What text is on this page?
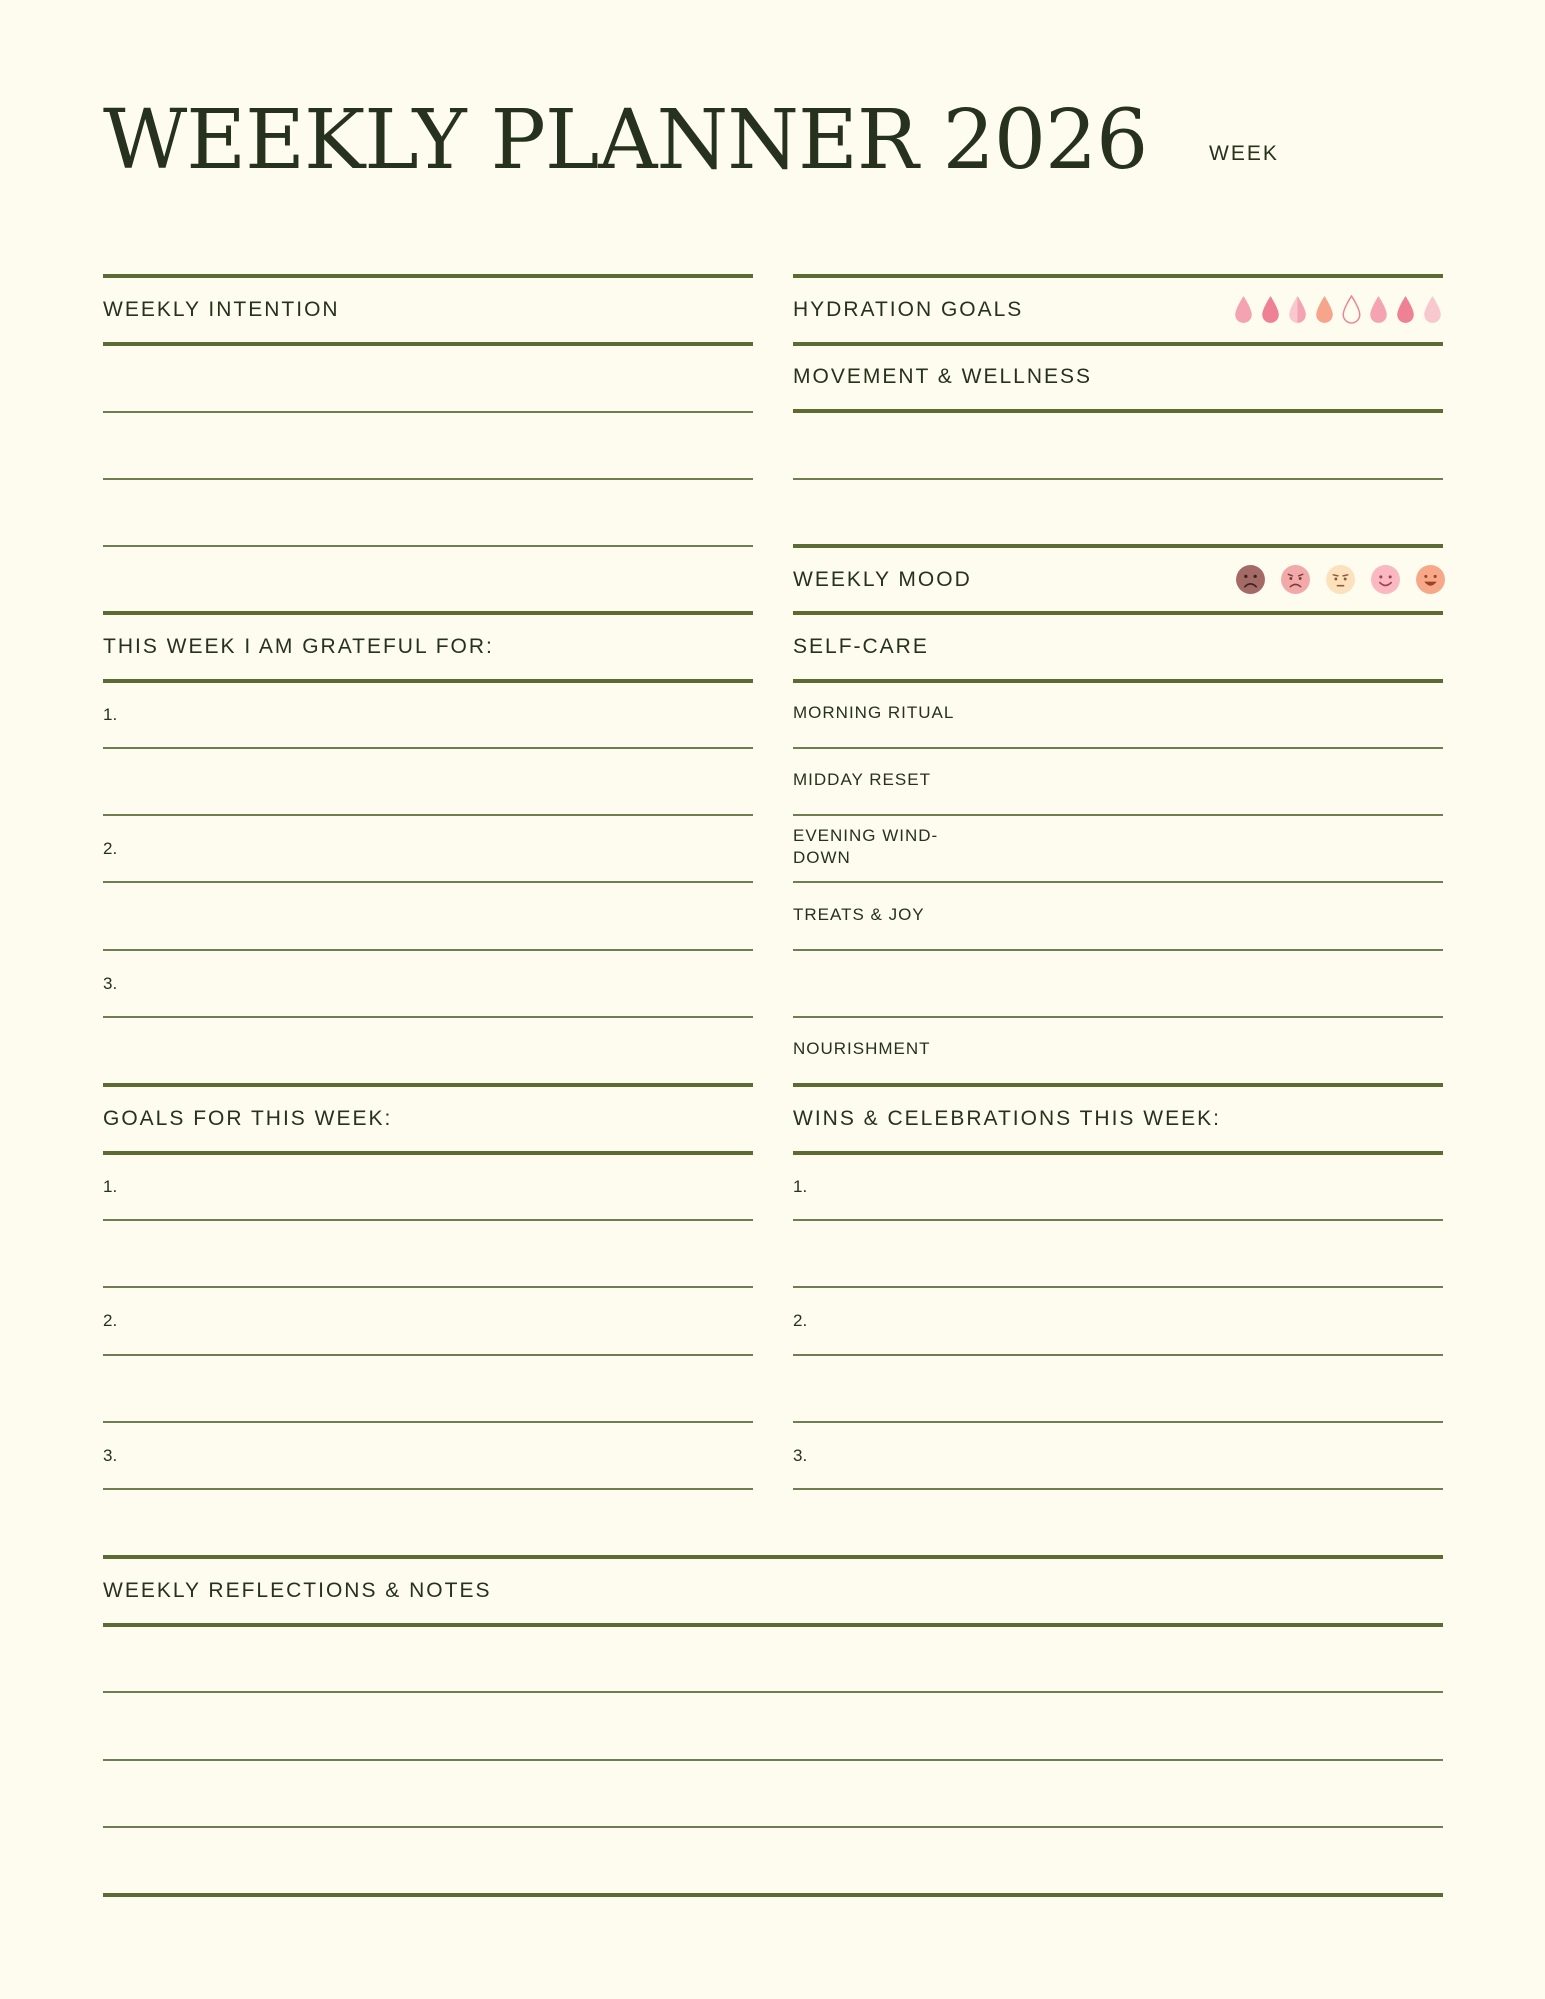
WEEKLY PLANNER 2026	WEEK
WEEKLY INTENTION
THIS WEEK I AM GRATEFUL FOR:
1.
2.
3.
GOALS FOR THIS WEEK:
1.
2.
3.
HYDRATION GOALS
MOVEMENT & WELLNESS
WEEKLY MOOD
SELF-CARE
MORNING RITUAL
MIDDAY RESET
EVENING WIND-DOWN
TREATS & JOY
NOURISHMENT
WINS & CELEBRATIONS THIS WEEK:
1.
2.
3.
WEEKLY REFLECTIONS & NOTES
